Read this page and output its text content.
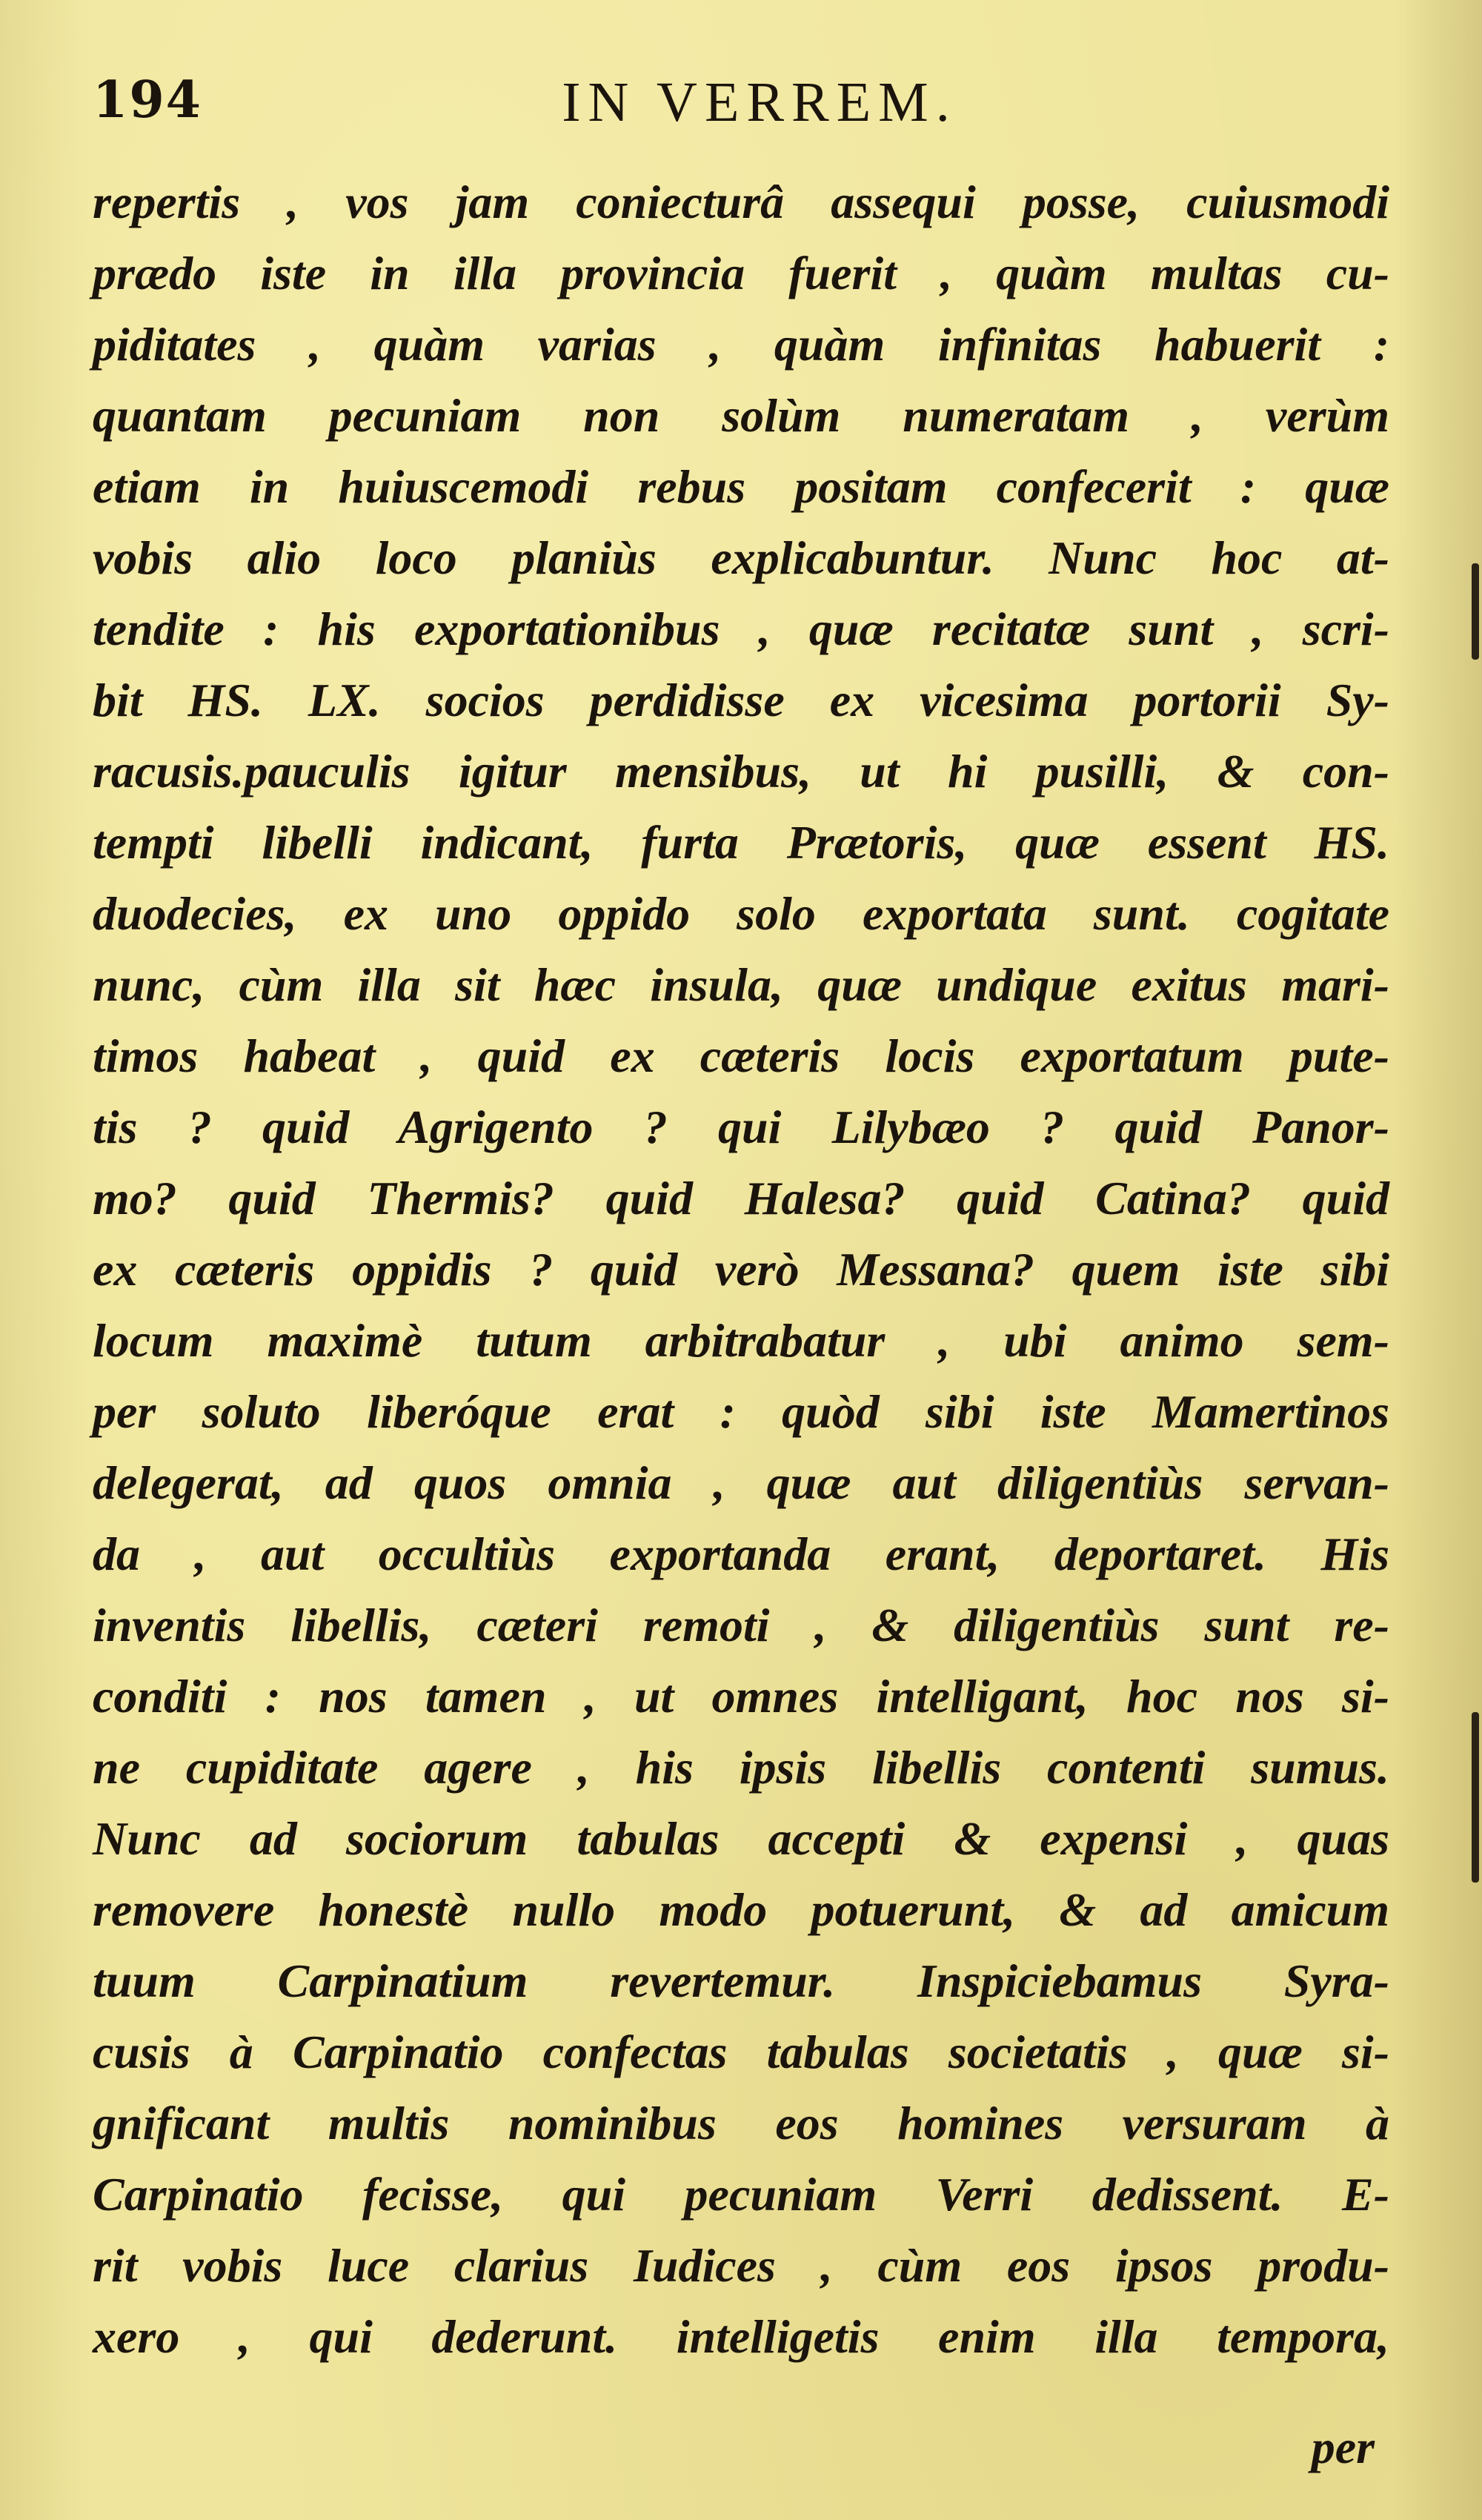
194	IN VERREM.
repertis , vos jam coniecturâ assequi posse, cuiusmodi
prædo iste in illa provincia fuerit , quàm multas cu-
piditates , quàm varias , quàm infinitas habuerit :
quantam pecuniam non solùm numeratam , verùm
etiam in huiuscemodi rebus positam confecerit : quæ
vobis alio loco planiùs explicabuntur. Nunc hoc at-
tendite : his exportationibus , quæ recitatæ sunt , scri-
bit HS. LX. socios perdidisse ex vicesima portorii Sy-
racusis.pauculis igitur mensibus, ut hi pusilli, & con-
tempti libelli indicant, furta Prætoris, quæ essent HS.
duodecies, ex uno oppido solo exportata sunt. cogitate
nunc, cùm illa sit hæc insula, quæ undique exitus mari-
timos habeat , quid ex cæteris locis exportatum pute-
tis ? quid Agrigento ? qui Lilybæo ? quid Panor-
mo? quid Thermis? quid Halesa? quid Catina? quid
ex cæteris oppidis ? quid verò Messana? quem iste sibi
locum maximè tutum arbitrabatur , ubi animo sem-
per soluto liberóque erat : quòd sibi iste Mamertinos
delegerat, ad quos omnia , quæ aut diligentiùs servan-
da , aut occultiùs exportanda erant, deportaret. His
inventis libellis, cæteri remoti , & diligentiùs sunt re-
conditi : nos tamen , ut omnes intelligant, hoc nos si-
ne cupiditate agere , his ipsis libellis contenti sumus.
Nunc ad sociorum tabulas accepti & expensi , quas
removere honestè nullo modo potuerunt, & ad amicum
tuum Carpinatium revertemur. Inspiciebamus Syra-
cusis à Carpinatio confectas tabulas societatis , quæ si-
gnificant multis nominibus eos homines versuram à
Carpinatio fecisse, qui pecuniam Verri dedissent. E-
rit vobis luce clarius Iudices , cùm eos ipsos produ-
xero , qui dederunt. intelligetis enim illa tempora,
per
